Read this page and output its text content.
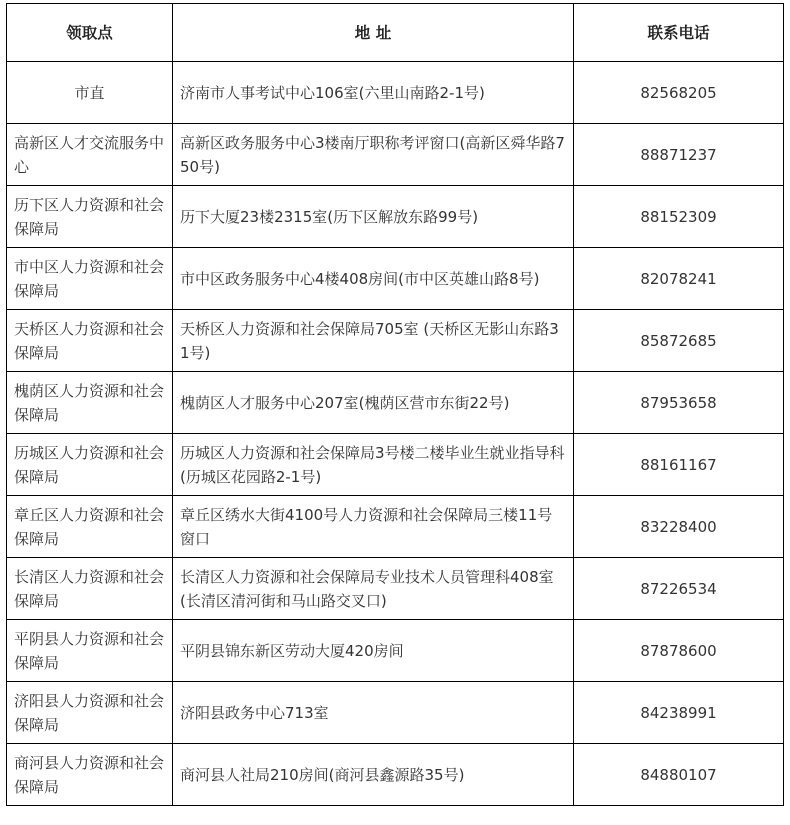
领取点	地 址	联系电话
市直	济南市人事考试中心106室(六里山南路2-1号)	82568205
高新区人才交流服务中心	高新区政务服务中心3楼南厅职称考评窗口(高新区舜华路750号)	88871237
历下区人力资源和社会保障局	历下大厦23楼2315室(历下区解放东路99号)	88152309
市中区人力资源和社会保障局	市中区政务服务中心4楼408房间(市中区英雄山路8号)	82078241
天桥区人力资源和社会保障局	天桥区人力资源和社会保障局705室 (天桥区无影山东路31号)	85872685
槐荫区人力资源和社会保障局	槐荫区人才服务中心207室(槐荫区营市东街22号)	87953658
历城区人力资源和社会保障局	历城区人力资源和社会保障局3号楼二楼毕业生就业指导科 (历城区花园路2-1号)	88161167
章丘区人力资源和社会保障局	章丘区绣水大街4100号人力资源和社会保障局三楼11号窗口	83228400
长清区人力资源和社会保障局	长清区人力资源和社会保障局专业技术人员管理科408室(长清区清河街和马山路交叉口)	87226534
平阴县人力资源和社会保障局	平阴县锦东新区劳动大厦420房间	87878600
济阳县人力资源和社会保障局	济阳县政务中心713室	84238991
商河县人力资源和社会保障局	商河县人社局210房间(商河县鑫源路35号)	84880107
